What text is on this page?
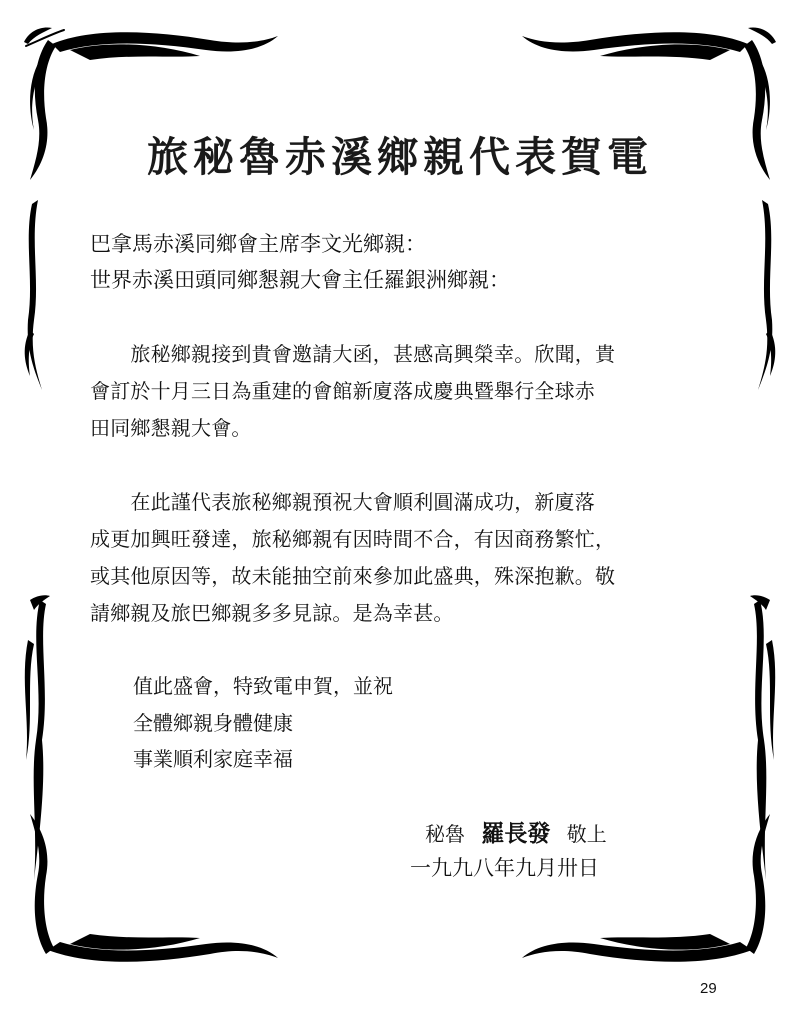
旅秘魯赤溪鄉親代表賀電
巴拿馬赤溪同鄉會主席李文光鄉親：
世界赤溪田頭同鄉懇親大會主任羅銀洲鄉親：
　　旅秘鄉親接到貴會邀請大函，甚感高興榮幸。欣聞，貴
會訂於十月三日為重建的會館新廈落成慶典暨舉行全球赤
田同鄉懇親大會。
　　在此謹代表旅秘鄉親預祝大會順利圓滿成功，新廈落
成更加興旺發達，旅秘鄉親有因時間不合，有因商務繁忙，
或其他原因等，故未能抽空前來參加此盛典，殊深抱歉。敬
請鄉親及旅巴鄉親多多見諒。是為幸甚。
值此盛會，特致電申賀，並祝
全體鄉親身體健康
事業順利家庭幸福
秘魯 羅長發 敬上
一九九八年九月卅日
29
